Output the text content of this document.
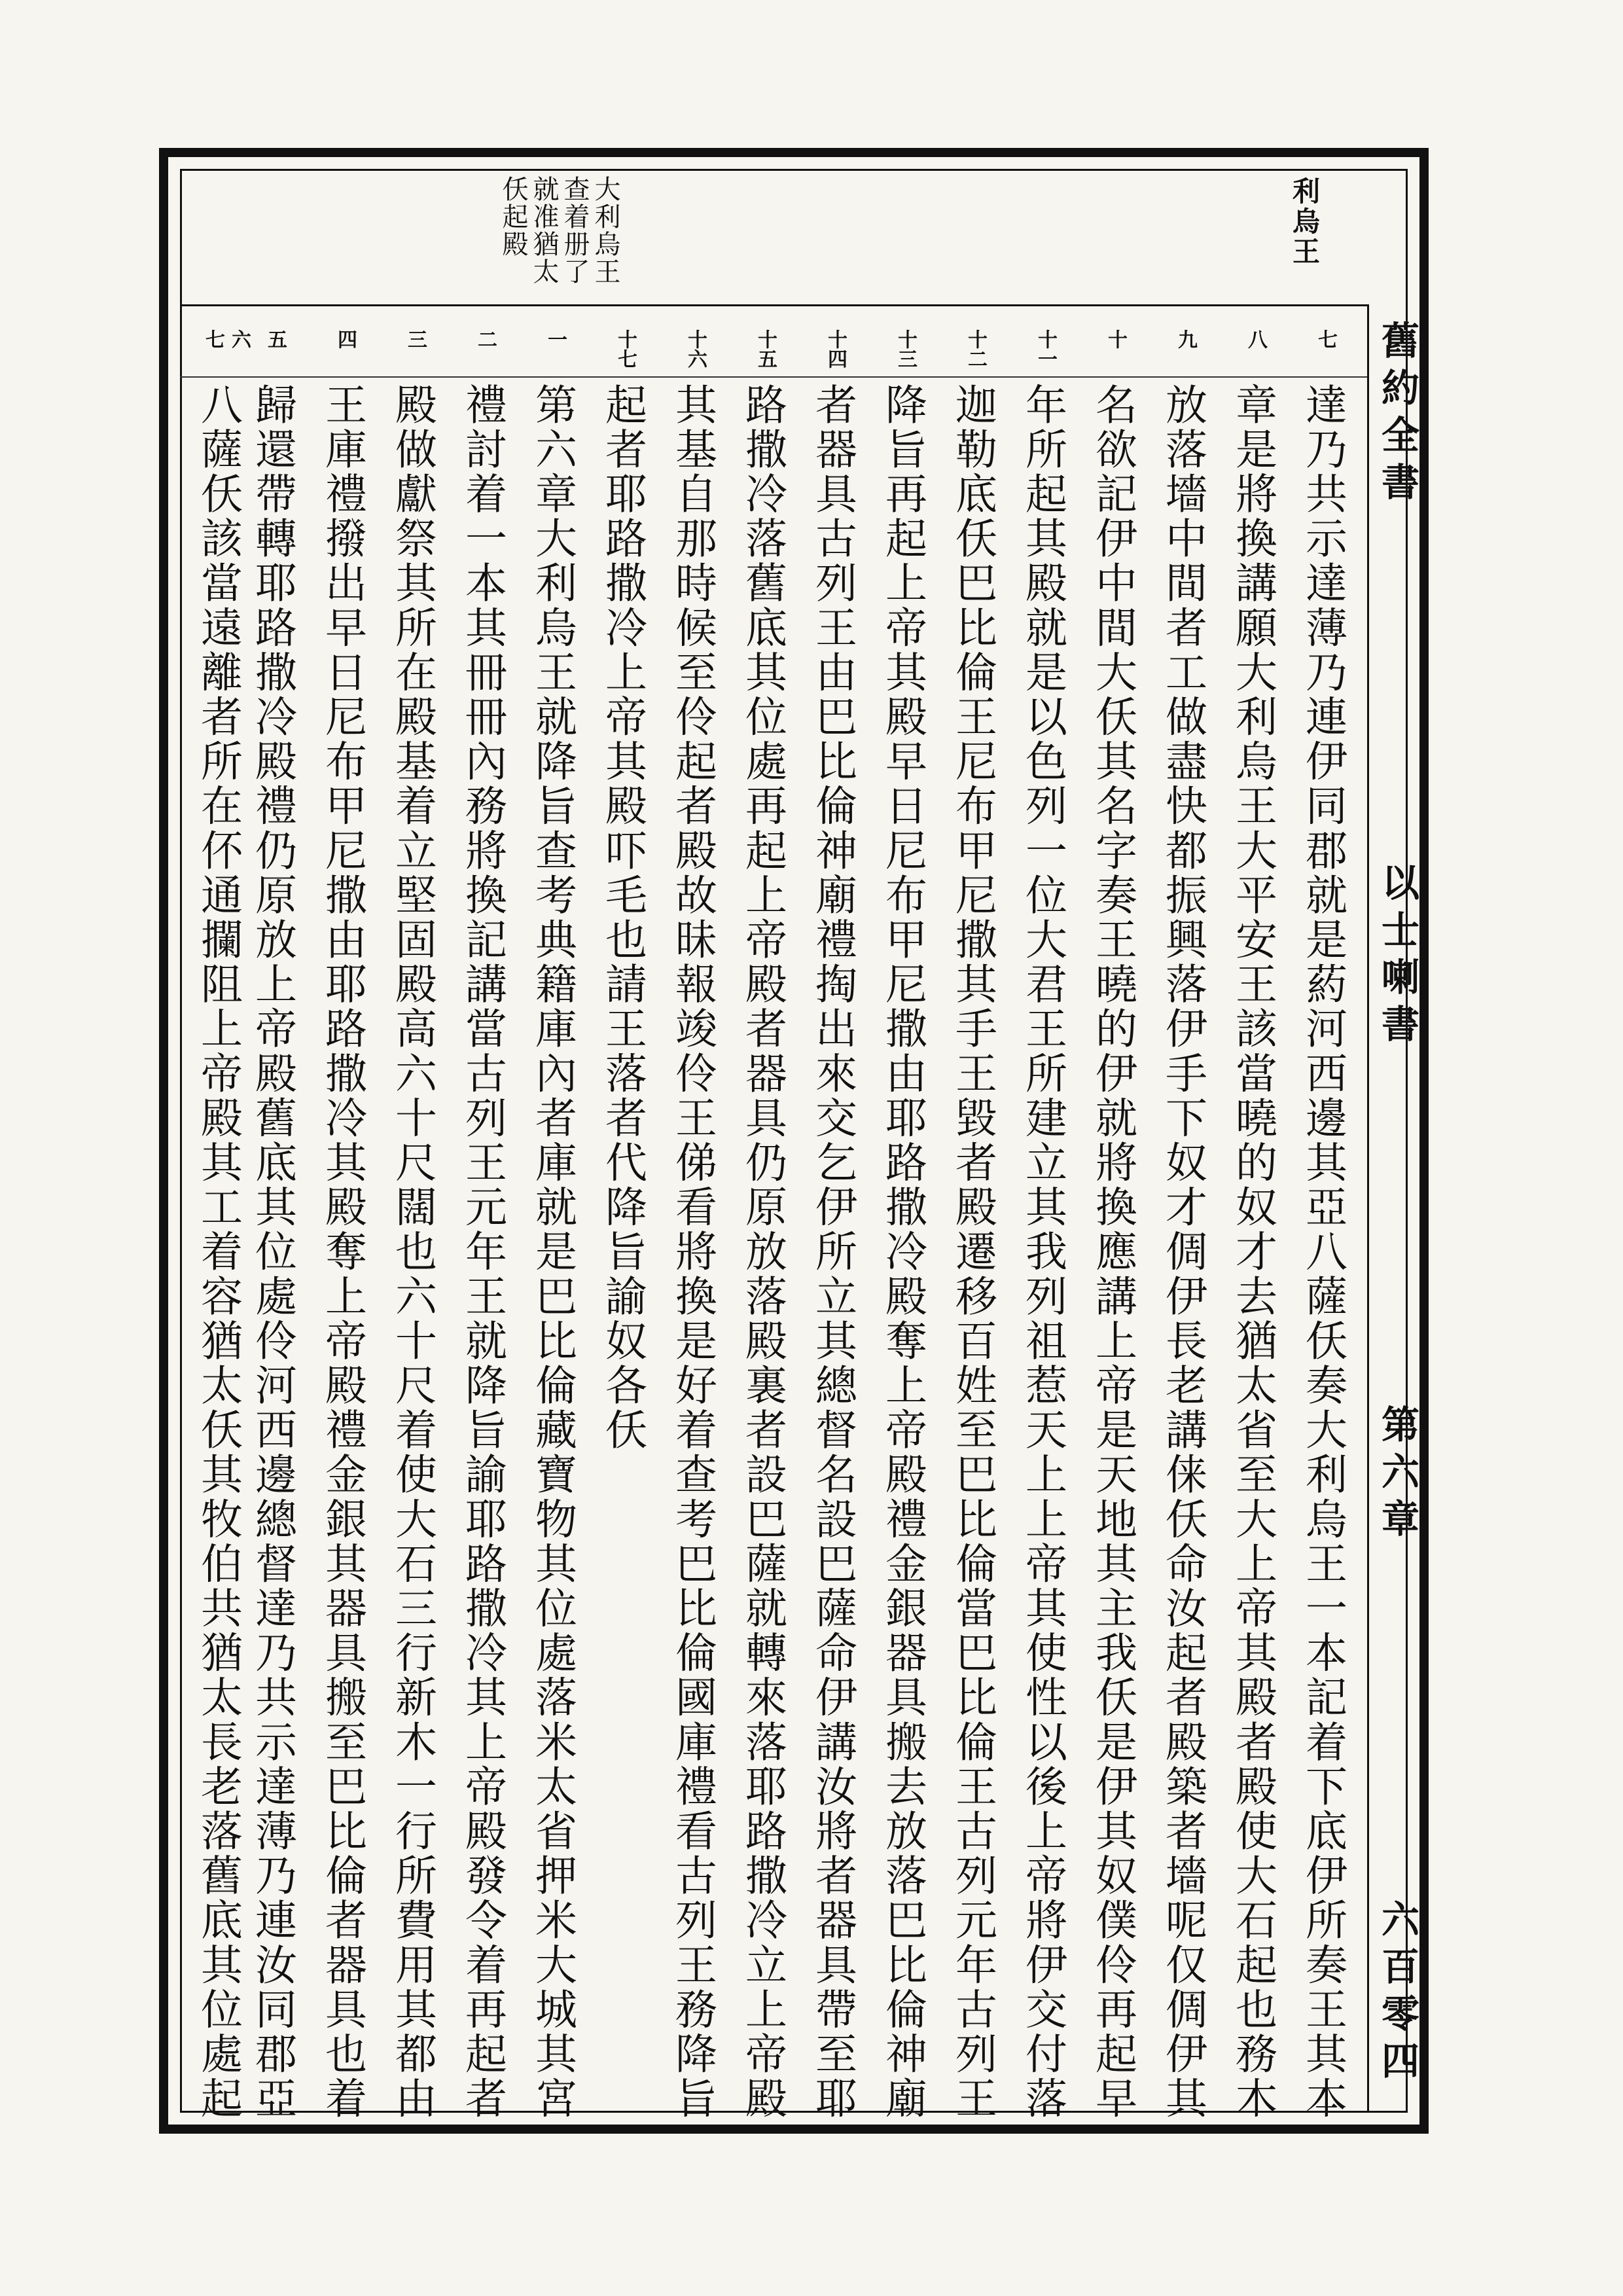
舊約全書
以士喇書
第六章
六百零四
利烏王
大利烏王
查着册了
就准猶太
仸起殿
七
八
九
十
十一
十二
十三
十四
十五
十六
十七
一
二
三
四
五
六
七
達乃共示達薄乃連伊同郡就是葯河西邊其亞八薩仸奏大利烏王一本記着下底伊所奏王其本
章是將換講願大利烏王大平安王該當曉的奴才去猶太省至大上帝其殿者殿使大石起也務木
放落墻中間者工做盡快都振興落伊手下奴才倜伊長老講俫仸命汝起者殿築者墻呢仅倜伊其
名欲記伊中間大仸其名字奏王曉的伊就將換應講上帝是天地其主我仸是伊其奴僕伶再起早
年所起其殿就是以色列一位大君王所建立其我列祖惹天上上帝其使性以後上帝將伊交付落
迦勒底仸巴比倫王尼布甲尼撒其手王毀者殿遷移百姓至巴比倫當巴比倫王古列元年古列王
降旨再起上帝其殿早日尼布甲尼撒由耶路撒冷殿奪上帝殿禮金銀器具搬去放落巴比倫神廟
者器具古列王由巴比倫神廟禮掏出來交乞伊所立其總督名設巴薩命伊講汝將者器具帶至耶
路撒冷落舊底其位處再起上帝殿者器具仍原放落殿裏者設巴薩就轉來落耶路撒冷立上帝殿
其基自那時候至伶起者殿故昧報竣伶王俤看將換是好着查考巴比倫國庫禮看古列王務降旨
起者耶路撒冷上帝其殿吓毛也請王落者代降旨諭奴各仸
第六章大利烏王就降旨查考典籍庫內者庫就是巴比倫藏寶物其位處落米太省押米大城其宮
禮討着一本其冊冊內務將換記講當古列王元年王就降旨諭耶路撒冷其上帝殿發令着再起者
殿做獻祭其所在殿基着立堅固殿高六十尺闊也六十尺着使大石三行新木一行所費用其都由
王庫禮撥出早日尼布甲尼撒由耶路撒冷其殿奪上帝殿禮金銀其器具搬至巴比倫者器具也着
歸還帶轉耶路撒冷殿禮仍原放上帝殿舊底其位處伶河西邊總督達乃共示達薄乃連汝同郡亞
八薩仸該當遠離者所在伓通攔阻上帝殿其工着容猶太仸其牧伯共猶太長老落舊底其位處起
